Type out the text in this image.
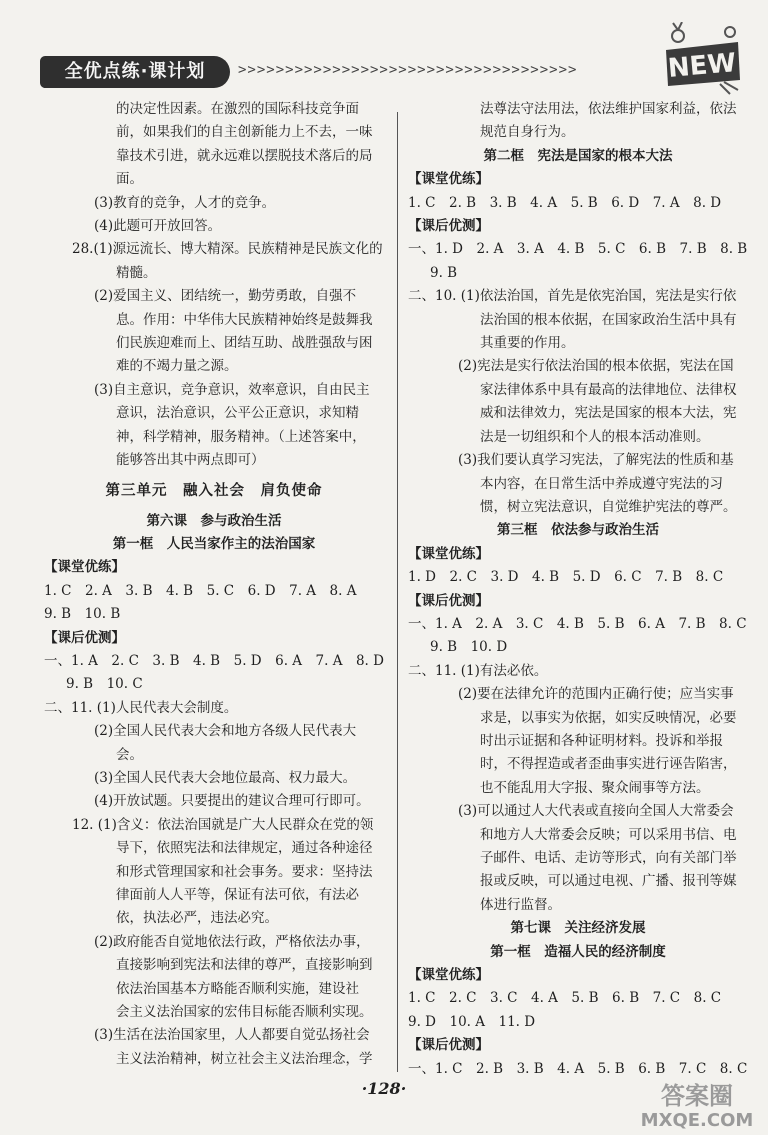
全优点练·课计划	>>>>>>>>>>>>>>>>>>>>>>>>>>>>>>>>>>>>	NEW
的决定性因素。在激烈的国际科技竞争面
前，如果我们的自主创新能力上不去，一味
靠技术引进，就永远难以摆脱技术落后的局
面。
(3)教育的竞争，人才的竞争。
(4)此题可开放回答。
28.(1)源远流长、博大精深。民族精神是民族文化的
精髓。
(2)爱国主义、团结统一，勤劳勇敢，自强不
息。作用：中华伟大民族精神始终是鼓舞我
们民族迎难而上、团结互助、战胜强敌与困
难的不竭力量之源。
(3)自主意识，竞争意识，效率意识，自由民主
意识，法治意识，公平公正意识，求知精
神，科学精神，服务精神。（上述答案中，
能够答出其中两点即可）
第三单元　融入社会　肩负使命
第六课　参与政治生活
第一框　人民当家作主的法治国家
【课堂优练】
1. C　2. A　3. B　4. B　5. C　6. D　7. A　8. A
9. B　10. B
【课后优测】
一、1. A　2. C　3. B　4. B　5. D　6. A　7. A　8. D
9. B　10. C
二、11. (1)人民代表大会制度。
(2)全国人民代表大会和地方各级人民代表大
会。
(3)全国人民代表大会地位最高、权力最大。
(4)开放试题。只要提出的建议合理可行即可。
12. (1)含义：依法治国就是广大人民群众在党的领
导下，依照宪法和法律规定，通过各种途径
和形式管理国家和社会事务。要求：坚持法
律面前人人平等，保证有法可依，有法必
依，执法必严，违法必究。
(2)政府能否自觉地依法行政，严格依法办事，
直接影响到宪法和法律的尊严，直接影响到
依法治国基本方略能否顺利实施，建设社
会主义法治国家的宏伟目标能否顺利实现。
(3)生活在法治国家里，人人都要自觉弘扬社会
主义法治精神，树立社会主义法治理念，学
法尊法守法用法，依法维护国家利益，依法
规范自身行为。
第二框　宪法是国家的根本大法
【课堂优练】
1. C　2. B　3. B　4. A　5. B　6. D　7. A　8. D
【课后优测】
一、1. D　2. A　3. A　4. B　5. C　6. B　7. B　8. B
9. B
二、10. (1)依法治国，首先是依宪治国，宪法是实行依
法治国的根本依据，在国家政治生活中具有
其重要的作用。
(2)宪法是实行依法治国的根本依据，宪法在国
家法律体系中具有最高的法律地位、法律权
威和法律效力，宪法是国家的根本大法，宪
法是一切组织和个人的根本活动准则。
(3)我们要认真学习宪法，了解宪法的性质和基
本内容，在日常生活中养成遵守宪法的习
惯，树立宪法意识，自觉维护宪法的尊严。
第三框　依法参与政治生活
【课堂优练】
1. D　2. C　3. D　4. B　5. D　6. C　7. B　8. C
【课后优测】
一、1. A　2. A　3. C　4. B　5. B　6. A　7. B　8. C
9. B　10. D
二、11. (1)有法必依。
(2)要在法律允许的范围内正确行使；应当实事
求是，以事实为依据，如实反映情况，必要
时出示证据和各种证明材料。投诉和举报
时，不得捏造或者歪曲事实进行诬告陷害，
也不能乱用大字报、聚众闹事等方法。
(3)可以通过人大代表或直接向全国人大常委会
和地方人大常委会反映；可以采用书信、电
子邮件、电话、走访等形式，向有关部门举
报或反映，可以通过电视、广播、报刊等媒
体进行监督。
第七课　关注经济发展
第一框　造福人民的经济制度
【课堂优练】
1. C　2. C　3. C　4. A　5. B　6. B　7. C　8. C
9. D　10. A　11. D
【课后优测】
一、1. C　2. B　3. B　4. A　5. B　6. B　7. C　8. C
·128·	答案圈
MXQE.COM
